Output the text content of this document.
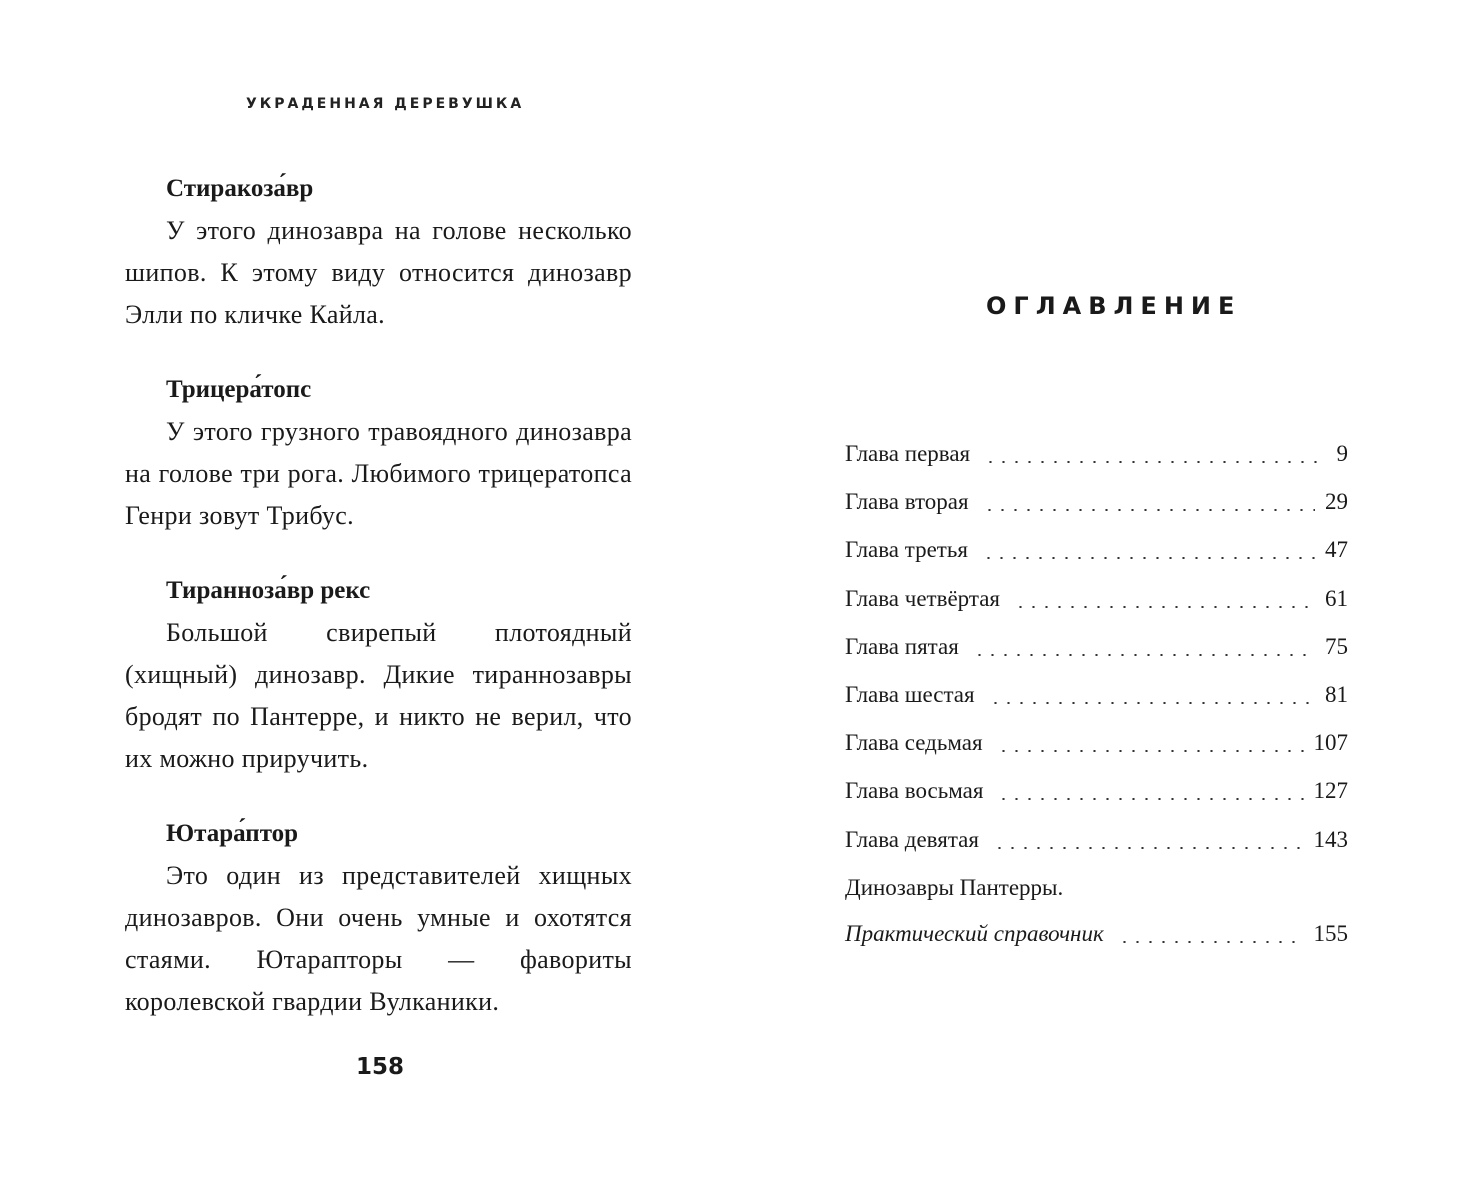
УКРАДЕННАЯ ДЕРЕВУШКА

Стиракоза́вр

У этого динозавра на голове несколько шипов. К этому виду относится динозавр Элли по кличке Кайла.

Трицера́топс

У этого грузного травоядного динозавра на голове три рога. Любимого трицератопса Генри зовут Трибус.

Тиранноза́вр рекс

Большой свирепый плотоядный (хищный) динозавр. Дикие тираннозавры бродят по Пантерре, и никто не верил, что их можно приручить.

Ютара́птор

Это один из представителей хищных динозавров. Они очень умные и охотятся стаями. Ютарапторы — фавориты королевской гвардии Вулканики.

158
ОГЛАВЛЕНИЕ
Глава первая	9
Глава вторая	29
Глава третья	47
Глава четвёртая	61
Глава пятая	75
Глава шестая	81
Глава седьмая	107
Глава восьмая	127
Глава девятая	143
Динозавры Пантерры.
Практический справочник	155
